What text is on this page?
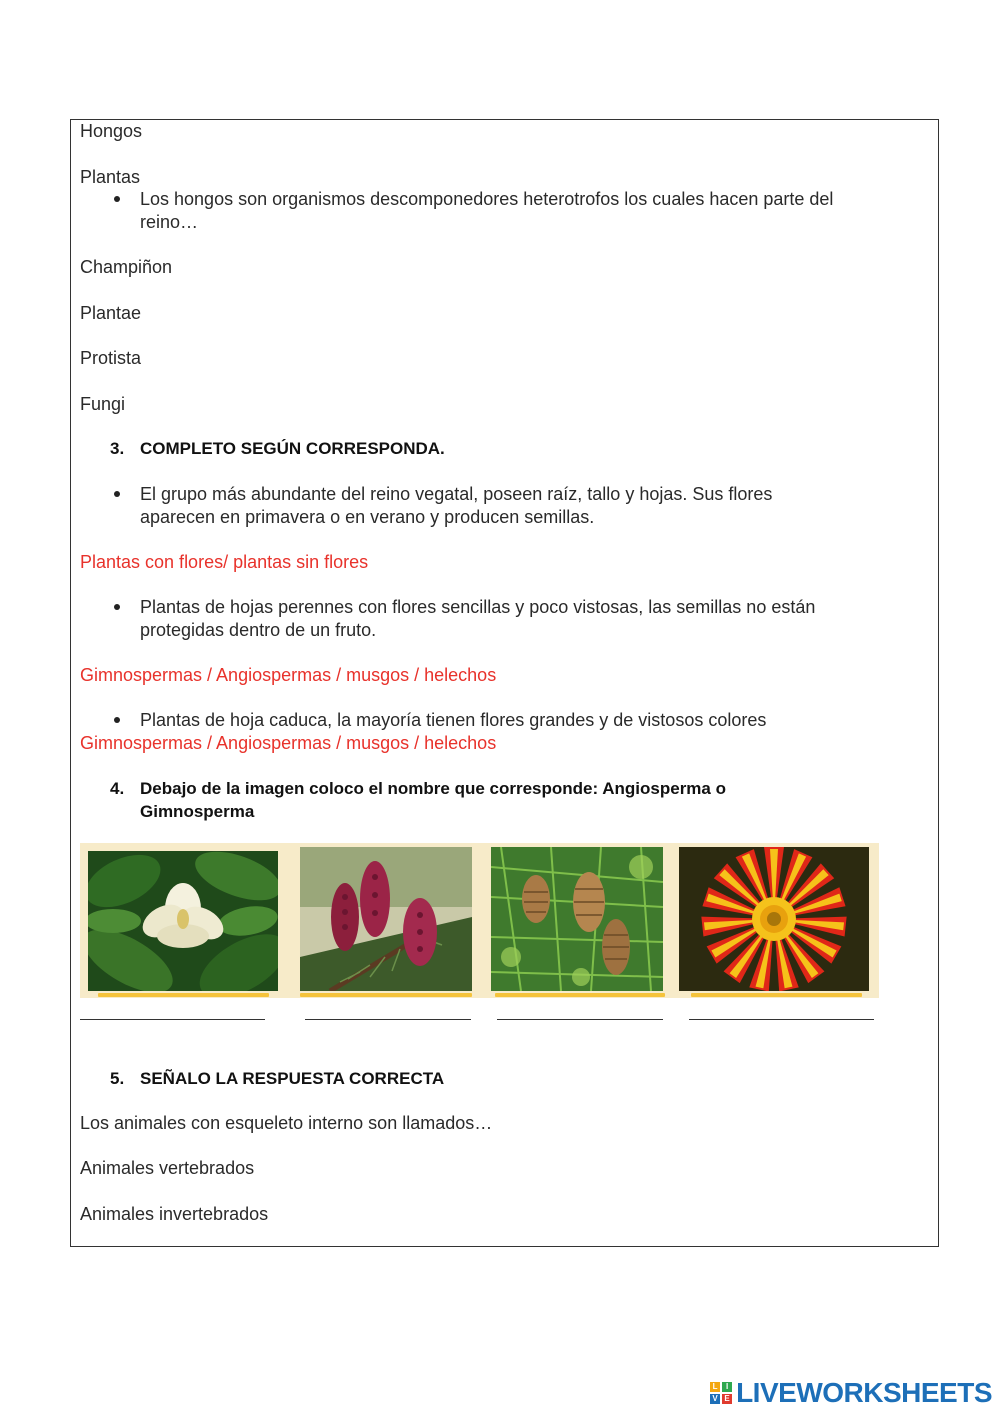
Hongos
Plantas
Los hongos son organismos descomponedores heterotrofos los cuales hacen parte del
reino…
Champiñon
Plantae
Protista
Fungi
3. COMPLETO SEGÚN CORRESPONDA.
El grupo más abundante del reino vegatal, poseen raíz, tallo y hojas. Sus flores
aparecen en primavera o en verano y producen semillas.
Plantas con flores/ plantas sin flores
Plantas de hojas perennes con flores sencillas y poco vistosas, las semillas no están
protegidas dentro de un fruto.
Gimnospermas / Angiospermas / musgos / helechos
Plantas de hoja caduca, la mayoría tienen flores grandes y de vistosos colores
Gimnospermas / Angiospermas / musgos / helechos
4. Debajo de la imagen coloco el nombre que corresponde: Angiosperma o
Gimnosperma
5. SEÑALO LA RESPUESTA CORRECTA
Los animales con esqueleto interno son llamados…
Animales vertebrados
Animales invertebrados
L	I
V E LIVEWORKSHEETS
